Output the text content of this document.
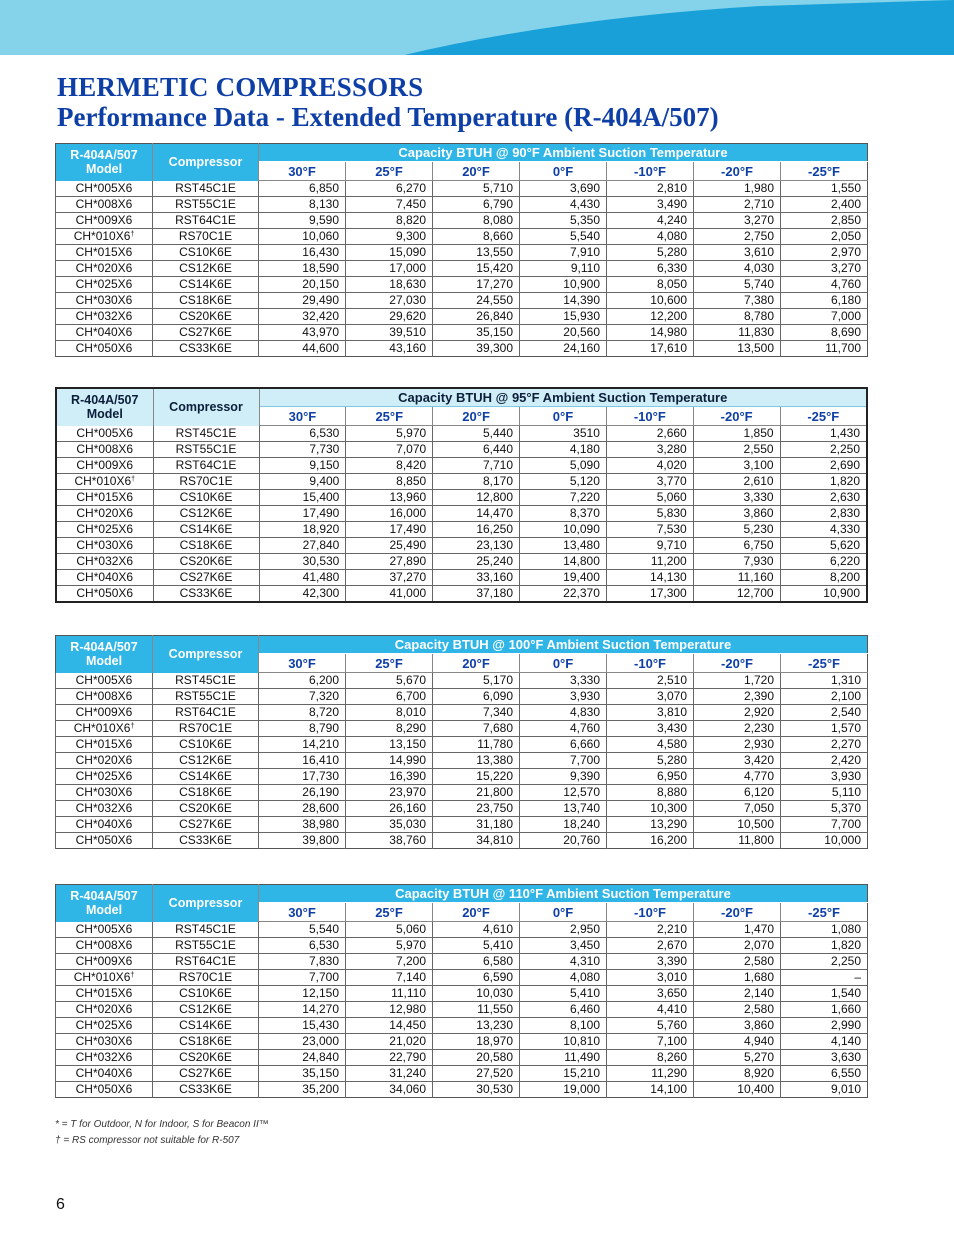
HERMETIC COMPRESSORS
Performance Data - Extended Temperature (R-404A/507)
R-404A/507 Model	Compressor	Capacity BTUH @ 90°F Ambient Suction Temperature						
		30°F	25°F	20°F	0°F	-10°F	-20°F	-25°F
CH*005X6	RST45C1E	6,850	6,270	5,710	3,690	2,810	1,980	1,550
CH*008X6	RST55C1E	8,130	7,450	6,790	4,430	3,490	2,710	2,400
CH*009X6	RST64C1E	9,590	8,820	8,080	5,350	4,240	3,270	2,850
CH*010X6†	RS70C1E	10,060	9,300	8,660	5,540	4,080	2,750	2,050
CH*015X6	CS10K6E	16,430	15,090	13,550	7,910	5,280	3,610	2,970
CH*020X6	CS12K6E	18,590	17,000	15,420	9,110	6,330	4,030	3,270
CH*025X6	CS14K6E	20,150	18,630	17,270	10,900	8,050	5,740	4,760
CH*030X6	CS18K6E	29,490	27,030	24,550	14,390	10,600	7,380	6,180
CH*032X6	CS20K6E	32,420	29,620	26,840	15,930	12,200	8,780	7,000
CH*040X6	CS27K6E	43,970	39,510	35,150	20,560	14,980	11,830	8,690
CH*050X6	CS33K6E	44,600	43,160	39,300	24,160	17,610	13,500	11,700
R-404A/507 Model	Compressor	Capacity BTUH @ 95°F Ambient Suction Temperature						
		30°F	25°F	20°F	0°F	-10°F	-20°F	-25°F
CH*005X6	RST45C1E	6,530	5,970	5,440	3510	2,660	1,850	1,430
CH*008X6	RST55C1E	7,730	7,070	6,440	4,180	3,280	2,550	2,250
CH*009X6	RST64C1E	9,150	8,420	7,710	5,090	4,020	3,100	2,690
CH*010X6†	RS70C1E	9,400	8,850	8,170	5,120	3,770	2,610	1,820
CH*015X6	CS10K6E	15,400	13,960	12,800	7,220	5,060	3,330	2,630
CH*020X6	CS12K6E	17,490	16,000	14,470	8,370	5,830	3,860	2,830
CH*025X6	CS14K6E	18,920	17,490	16,250	10,090	7,530	5,230	4,330
CH*030X6	CS18K6E	27,840	25,490	23,130	13,480	9,710	6,750	5,620
CH*032X6	CS20K6E	30,530	27,890	25,240	14,800	11,200	7,930	6,220
CH*040X6	CS27K6E	41,480	37,270	33,160	19,400	14,130	11,160	8,200
CH*050X6	CS33K6E	42,300	41,000	37,180	22,370	17,300	12,700	10,900
R-404A/507 Model	Compressor	Capacity BTUH @ 100°F Ambient Suction Temperature						
		30°F	25°F	20°F	0°F	-10°F	-20°F	-25°F
CH*005X6	RST45C1E	6,200	5,670	5,170	3,330	2,510	1,720	1,310
CH*008X6	RST55C1E	7,320	6,700	6,090	3,930	3,070	2,390	2,100
CH*009X6	RST64C1E	8,720	8,010	7,340	4,830	3,810	2,920	2,540
CH*010X6†	RS70C1E	8,790	8,290	7,680	4,760	3,430	2,230	1,570
CH*015X6	CS10K6E	14,210	13,150	11,780	6,660	4,580	2,930	2,270
CH*020X6	CS12K6E	16,410	14,990	13,380	7,700	5,280	3,420	2,420
CH*025X6	CS14K6E	17,730	16,390	15,220	9,390	6,950	4,770	3,930
CH*030X6	CS18K6E	26,190	23,970	21,800	12,570	8,880	6,120	5,110
CH*032X6	CS20K6E	28,600	26,160	23,750	13,740	10,300	7,050	5,370
CH*040X6	CS27K6E	38,980	35,030	31,180	18,240	13,290	10,500	7,700
CH*050X6	CS33K6E	39,800	38,760	34,810	20,760	16,200	11,800	10,000
R-404A/507 Model	Compressor	Capacity BTUH @ 110°F Ambient Suction Temperature						
		30°F	25°F	20°F	0°F	-10°F	-20°F	-25°F
CH*005X6	RST45C1E	5,540	5,060	4,610	2,950	2,210	1,470	1,080
CH*008X6	RST55C1E	6,530	5,970	5,410	3,450	2,670	2,070	1,820
CH*009X6	RST64C1E	7,830	7,200	6,580	4,310	3,390	2,580	2,250
CH*010X6†	RS70C1E	7,700	7,140	6,590	4,080	3,010	1,680	–
CH*015X6	CS10K6E	12,150	11,110	10,030	5,410	3,650	2,140	1,540
CH*020X6	CS12K6E	14,270	12,980	11,550	6,460	4,410	2,580	1,660
CH*025X6	CS14K6E	15,430	14,450	13,230	8,100	5,760	3,860	2,990
CH*030X6	CS18K6E	23,000	21,020	18,970	10,810	7,100	4,940	4,140
CH*032X6	CS20K6E	24,840	22,790	20,580	11,490	8,260	5,270	3,630
CH*040X6	CS27K6E	35,150	31,240	27,520	15,210	11,290	8,920	6,550
CH*050X6	CS33K6E	35,200	34,060	30,530	19,000	14,100	10,400	9,010
* = T for Outdoor, N for Indoor, S for Beacon II™
† = RS compressor not suitable for R-507
6
